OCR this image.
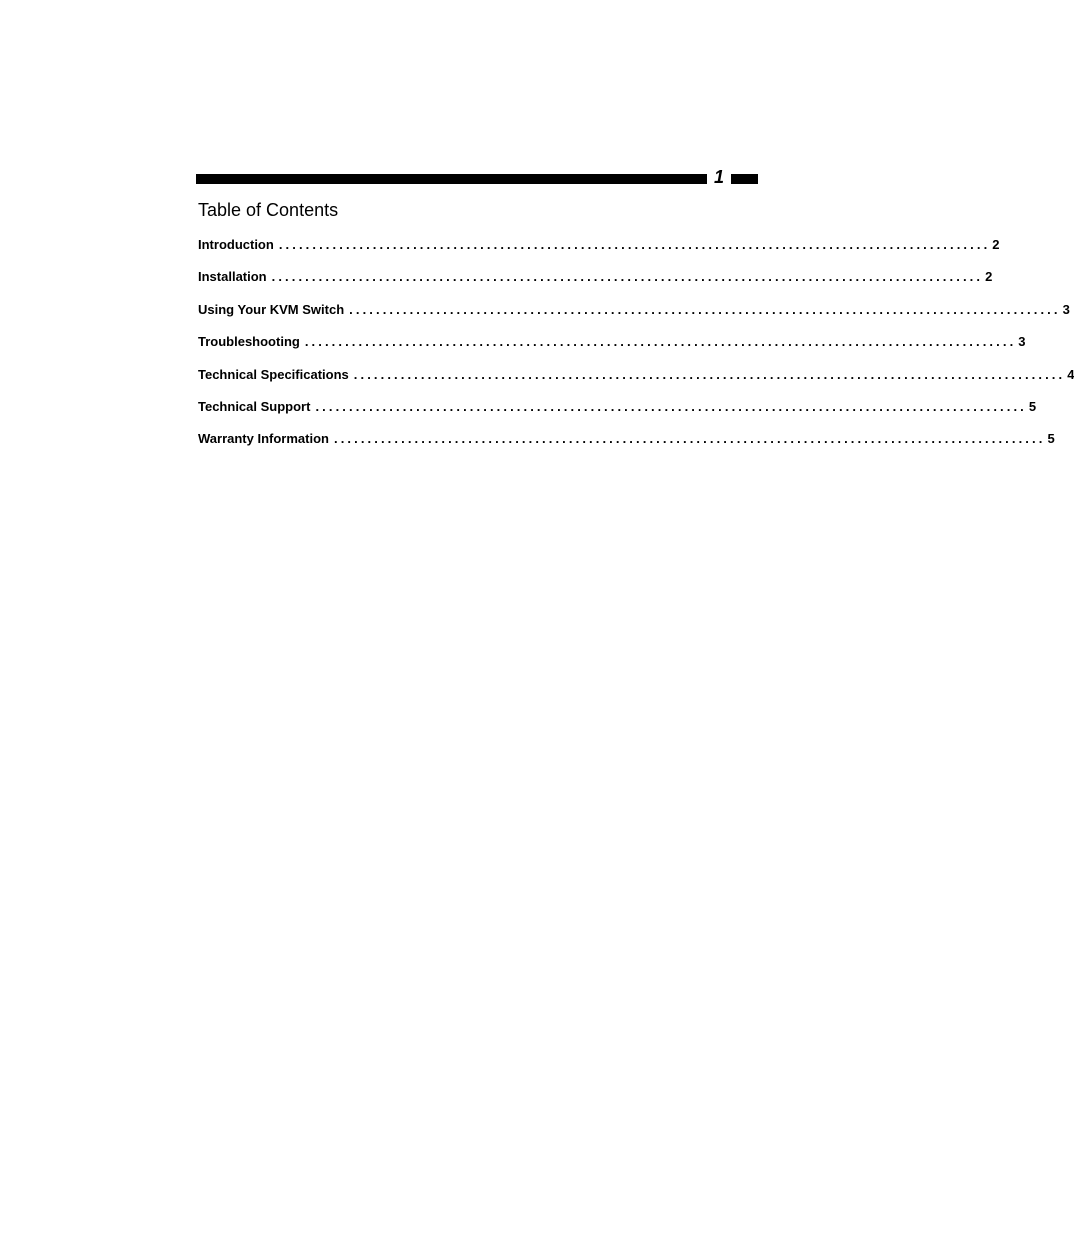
1
Table of Contents
Introduction .......................................................................................................... 2
Installation .......................................................................................................... 2
Using Your KVM Switch .......................................................................................................... 3
Troubleshooting .......................................................................................................... 3
Technical Specifications .......................................................................................................... 4
Technical Support .......................................................................................................... 5
Warranty Information .......................................................................................................... 5
